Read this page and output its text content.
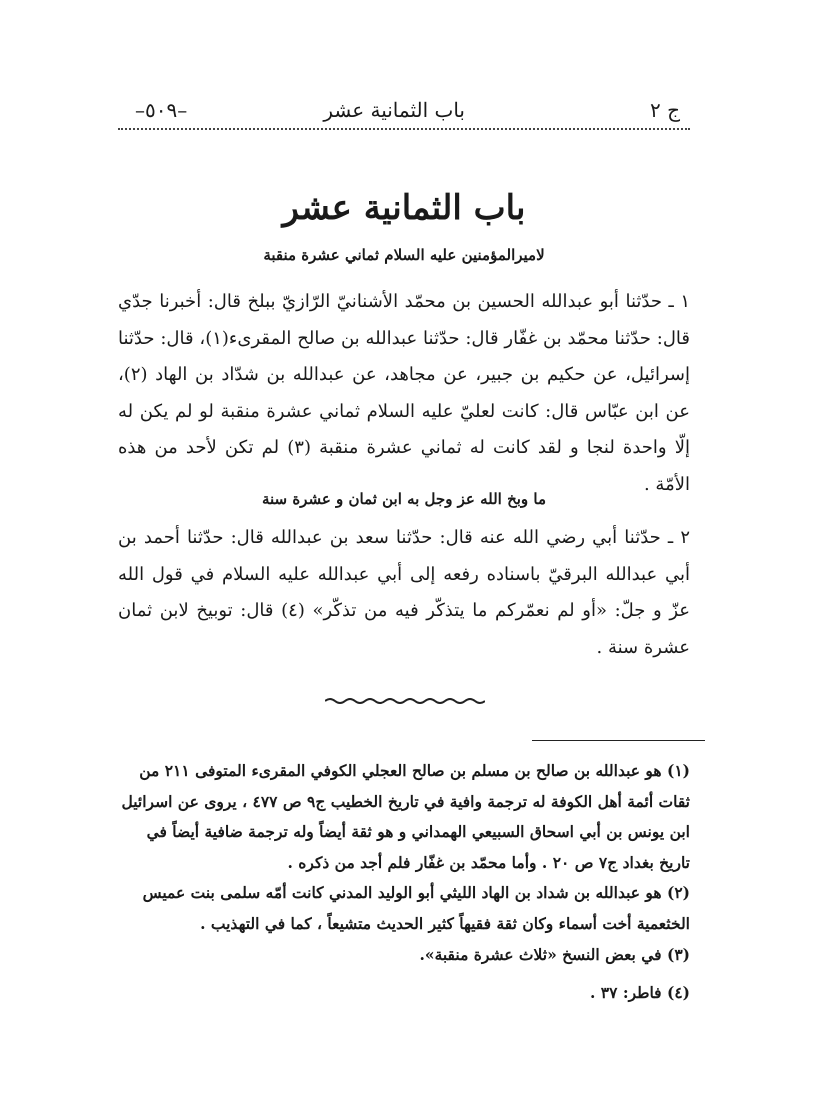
ج ٢
باب الثمانية عشر
–٥٠٩–
باب الثمانية عشر
لاميرالمؤمنين عليه السلام ثماني عشرة منقبة
١ ـ حدّثنا أبو عبدالله الحسين بن محمّد الأشنانيّ الرّازيّ ببلخ قال: أخبرنا جدّي قال: حدّثنا محمّد بن غفّار قال: حدّثنا عبدالله بن صالح المقرىء(١)، قال: حدّثنا إسرائيل، عن حكيم بن جبير، عن مجاهد، عن عبدالله بن شدّاد بن الهاد (٢)، عن ابن عبّاس قال: كانت لعليّ عليه السلام ثماني عشرة منقبة لو لم يكن له إلّا واحدة لنجا و لقد كانت له ثماني عشرة منقبة (٣) لم تكن لأحد من هذه الأمّة .
ما وبخ الله عز وجل به ابن ثمان و عشرة سنة
٢ ـ حدّثنا أبي رضي الله عنه قال: حدّثنا سعد بن عبدالله قال: حدّثنا أحمد بن أبي عبدالله البرقيّ باسناده رفعه إلى أبي عبدالله عليه السلام في قول الله عزّ و جلّ: «أو لم نعمّركم ما يتذكّر فيه من تذكّر» (٤) قال: توبيخ لابن ثمان عشرة سنة .
(١) هو عبدالله بن صالح بن مسلم بن صالح العجلي الكوفي المقرىء المتوفى ٢١١ من ثقات أئمة أهل الكوفة له ترجمة وافية في تاريخ الخطيب ج٩ ص ٤٧٧ ، يروى عن اسرائيل ابن يونس بن أبي اسحاق السبيعي الهمداني و هو ثقة أيضاً وله ترجمة ضافية أيضاً في تاريخ بغداد ج٧ ص ٢٠ . وأما محمّد بن غفّار فلم أجد من ذكره .
(٢) هو عبدالله بن شداد بن الهاد الليثي أبو الوليد المدني كانت أمّه سلمى بنت عميس الخثعمية أخت أسماء وكان ثقة فقيهاً كثير الحديث متشيعاً ، كما في التهذيب .
(٣) في بعض النسخ «ثلاث عشرة منقبة».
(٤) فاطر: ٣٧ .
